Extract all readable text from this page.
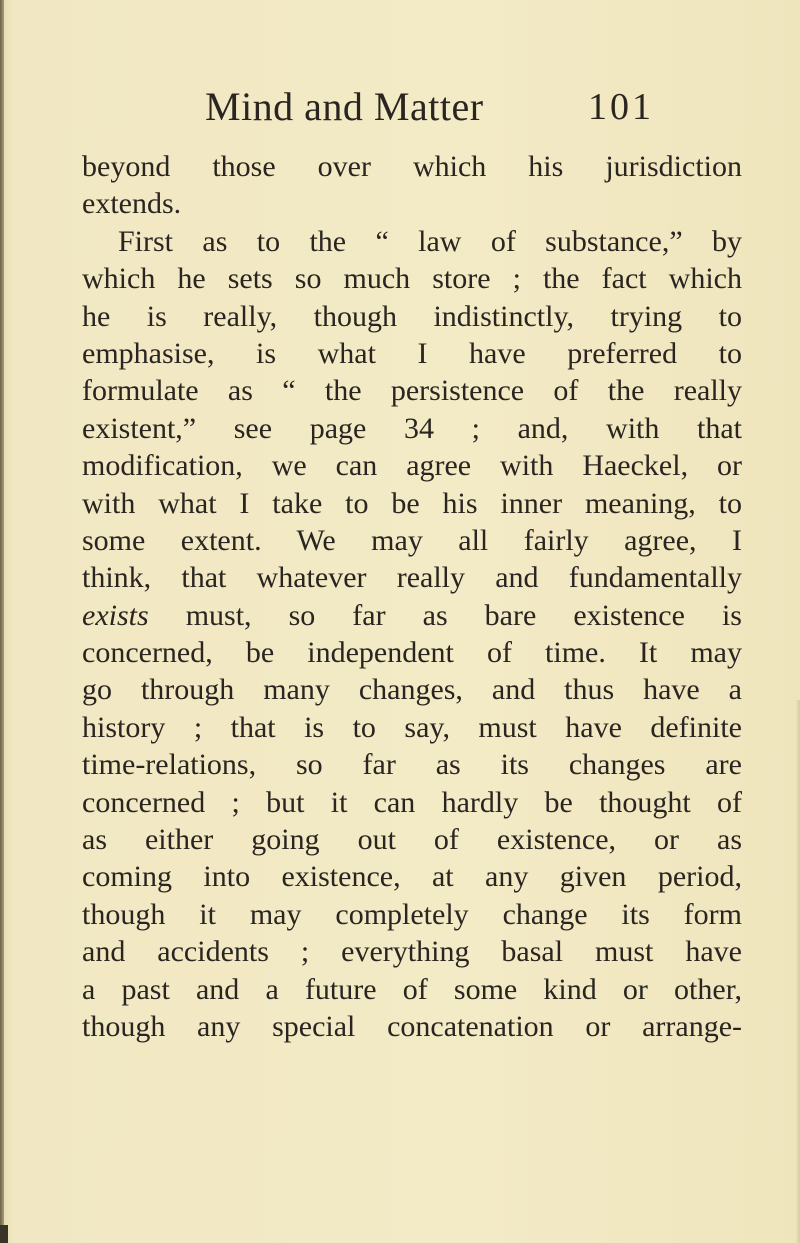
Mind and Matter	101
beyond those over which his jurisdiction
extends.
First as to the “ law of substance,” by
which he sets so much store ; the fact which
he is really, though indistinctly, trying to
emphasise, is what I have preferred to
formulate as “ the persistence of the really
existent,” see page 34 ; and, with that
modification, we can agree with Haeckel, or
with what I take to be his inner meaning, to
some extent. We may all fairly agree, I
think, that whatever really and fundamentally
exists must, so far as bare existence is
concerned, be independent of time. It may
go through many changes, and thus have a
history ; that is to say, must have definite
time-relations, so far as its changes are
concerned ; but it can hardly be thought of
as either going out of existence, or as
coming into existence, at any given period,
though it may completely change its form
and accidents ; everything basal must have
a past and a future of some kind or other,
though any special concatenation or arrange-
